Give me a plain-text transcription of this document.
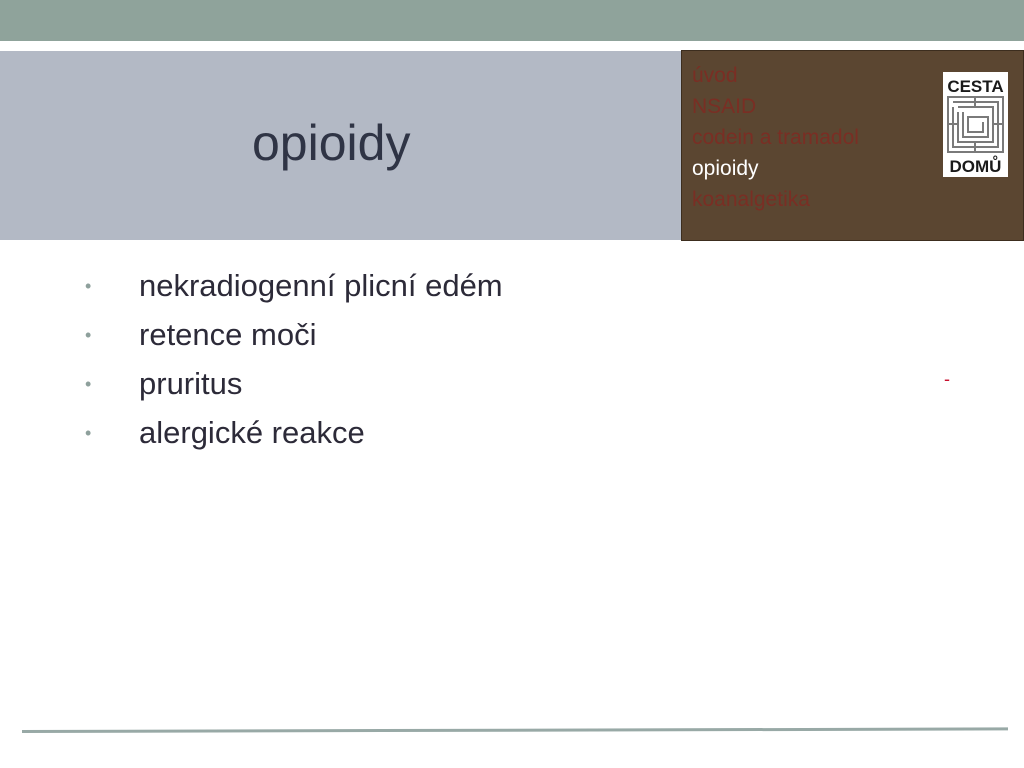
opioidy
úvod
NSAID
codein a tramadol
opioidy
koanalgetika
CESTA
DOMŮ
• nekradiogenní plicní edém
• retence moči
• pruritus
• alergické reakce
-
